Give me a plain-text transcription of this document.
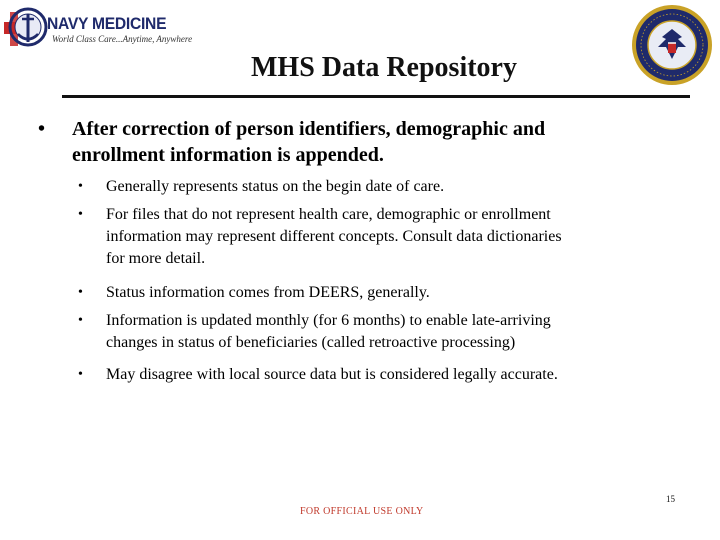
NAVY MEDICINE
World Class Care...Anytime, Anywhere
MHS Data Repository
• After correction of person identifiers, demographic and
enrollment information is appended.
• Generally represents status on the begin date of care.
• For files that do not represent health care, demographic or enrollment
information may represent different concepts. Consult data dictionaries
for more detail.
• Status information comes from DEERS, generally.
• Information is updated monthly (for 6 months) to enable late-arriving
changes in status of beneficiaries (called retroactive processing)
• May disagree with local source data but is considered legally accurate.
15
FOR OFFICIAL USE ONLY
